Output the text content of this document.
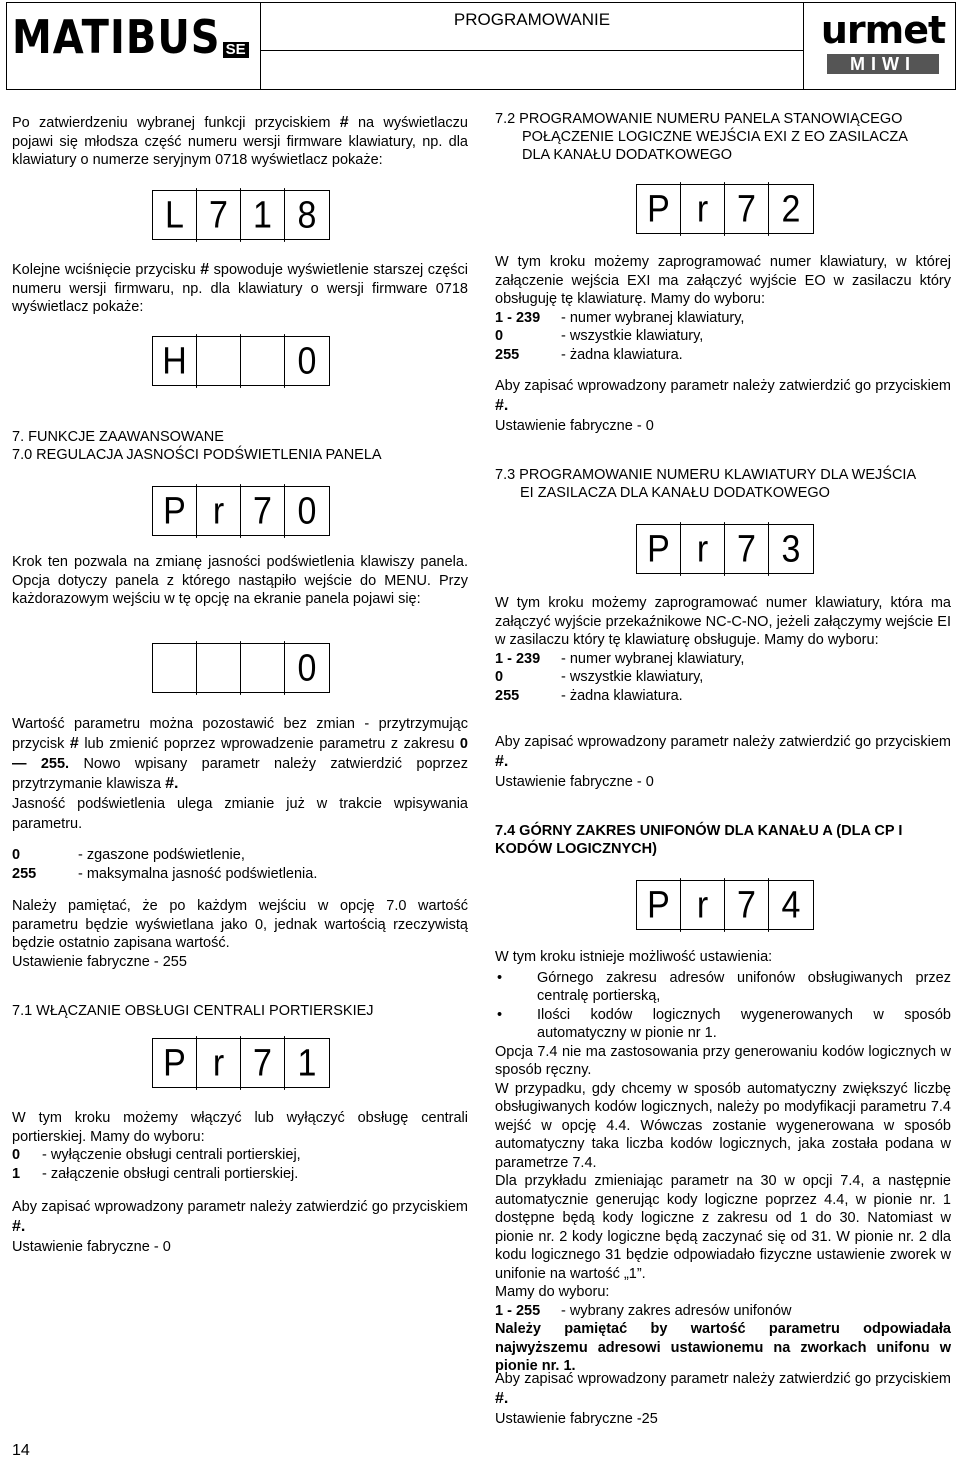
MATIBUS SE
PROGRAMOWANIE	urmet
MIWI

Po zatwierdzeniu wybranej funkcji przyciskiem # na wyświetlaczu pojawi się młodsza część numeru wersji firmware klawiatury, np. dla klawiatury o numerze seryjnym 0718 wyświetlacz pokaże:

L 7 1 8

Kolejne wciśnięcie przycisku # spowoduje wyświetlenie starszej części numeru wersji firmwaru, np. dla klawiatury o wersji firmware 0718 wyświetlacz pokaże:

H	0
7. FUNKCJE ZAAWANSOWANE
7.0 REGULACJA JASNOŚCI PODŚWIETLENIA PANELA
P r 7 0
Krok ten pozwala na zmianę jasności podświetlenia klawiszy panela. Opcja dotyczy panela z którego nastąpiło wejście do MENU. Przy każdorazowym wejściu w tę opcję na ekranie panela pojawi się:
0

Wartość parametru można pozostawić bez zmian - przytrzymując przycisk # lub zmienić poprzez wprowadzenie parametru z zakresu 0 — 255. Nowo wpisany parametr należy zatwierdzić poprzez przytrzymanie klawisza #.

Jasność podświetlenia ulega zmianie już w trakcie wpisywania parametru.

0	- zgaszone podświetlenie,
255	- maksymalna jasność podświetlenia.

Należy pamiętać, że po każdym wejściu w opcję 7.0 wartość parametru będzie wyświetlana jako 0, jednak wartością rzeczywistą będzie ostatnio zapisana wartość.

Ustawienie fabryczne - 255

7.1 WŁĄCZANIE OBSŁUGI CENTRALI PORTIERSKIEJ
P r 7 1

W tym kroku możemy włączyć lub wyłączyć obsługę centrali portierskiej. Mamy do wyboru:

0	- wyłączenie obsługi centrali portierskiej,
1	- załączenie obsługi centrali portierskiej.

Aby zapisać wprowadzony parametr należy zatwierdzić go przyciskiem #.

Ustawienie fabryczne - 0

7.2 PROGRAMOWANIE NUMERU PANELA STANOWIĄCEGO
POŁĄCZENIE LOGICZNE WEJŚCIA EXI Z EO ZASILACZA
DLA KANAŁU DODATKOWEGO
P r 7 2

W tym kroku możemy zaprogramować numer klawiatury, w której załączenie wejścia EXI ma załączyć wyjście EO w zasilaczu który obsługuję tę klawiaturę. Mamy do wyboru:

1 - 239	- numer wybranej klawiatury,
0	- wszystkie klawiatury,
255	- żadna klawiatura.

Aby zapisać wprowadzony parametr należy zatwierdzić go przyciskiem #.

Ustawienie fabryczne - 0

7.3 PROGRAMOWANIE NUMERU KLAWIATURY DLA WEJŚCIA
EI ZASILACZA DLA KANAŁU DODATKOWEGO
P r 7 3

W tym kroku możemy zaprogramować numer klawiatury, która ma załączyć wyjście przekaźnikowe NC-C-NO, jeżeli załączymy wejście EI w zasilaczu który tę klawiaturę obsługuje. Mamy do wyboru:

1 - 239	- numer wybranej klawiatury,
0	- wszystkie klawiatury,
255	- żadna klawiatura.

Aby zapisać wprowadzony parametr należy zatwierdzić go przyciskiem #.

Ustawienie fabryczne - 0

7.4 GÓRNY ZAKRES UNIFONÓW DLA KANAŁU A (DLA CP I
KODÓW LOGICZNYCH)
P r 7 4

W tym kroku istnieje możliwość ustawienia:

• Górnego zakresu adresów unifonów obsługiwanych przez centralę portierską,
• Ilości kodów logicznych wygenerowanych w sposób automatyczny w pionie nr 1.

Opcja 7.4 nie ma zastosowania przy generowaniu kodów logicznych w sposób ręczny.

W przypadku, gdy chcemy w sposób automatyczny zwiększyć liczbę obsługiwanych kodów logicznych, należy po modyfikacji parametru 7.4 wejść w opcję 4.4. Wówczas zostanie wygenerowana w sposób automatyczny taka liczba kodów logicznych, jaka została podana w parametrze 7.4.

Dla przykładu zmieniając parametr na 30 w opcji 7.4, a następnie automatycznie generując kody logiczne poprzez 4.4, w pionie nr. 1 dostępne będą kody logiczne z zakresu od 1 do 30. Natomiast w pionie nr. 2 kody logiczne będą zaczynać się od 31. W pionie nr. 2 dla kodu logicznego 31 będzie odpowiadało fizyczne ustawienie zworek w unifonie na wartość „1”.

Mamy do wyboru:

1 - 255	- wybrany zakres adresów unifonów

Należy pamiętać by wartość parametru odpowiadała najwyższemu adresowi ustawionemu na zworkach unifonu w pionie nr. 1.

Aby zapisać wprowadzony parametr należy zatwierdzić go przyciskiem #.

Ustawienie fabryczne -25

14
